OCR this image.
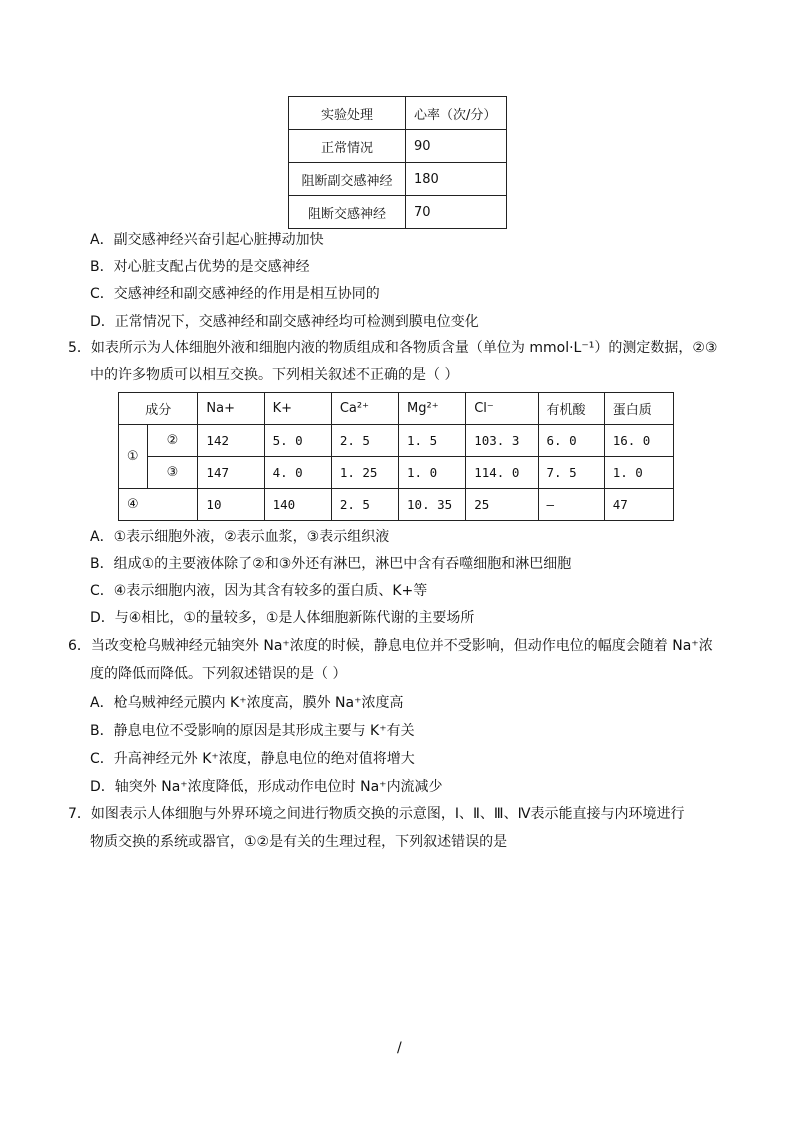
实验处理	心率（次/分）
正常情况	90
阻断副交感神经	180
阻断交感神经	70
A．副交感神经兴奋引起心脏搏动加快
B．对心脏支配占优势的是交感神经
C．交感神经和副交感神经的作用是相互协同的
D．正常情况下，交感神经和副交感神经均可检测到膜电位变化
5．如表所示为人体细胞外液和细胞内液的物质组成和各物质含量（单位为 mmol·L⁻¹）的测定数据，②③
中的许多物质可以相互交换。下列相关叙述不正确的是（ ）
成分		Na+	K+	Ca²⁺	Mg²⁺	Cl⁻	有机酸	蛋白质
①	②	142	5. 0	2. 5	1. 5	103. 3	6. 0	16. 0
	③	147	4. 0	1. 25	1. 0	114. 0	7. 5	1. 0
④		10	140	2. 5	10. 35	25	—	47
A．①表示细胞外液，②表示血浆，③表示组织液
B．组成①的主要液体除了②和③外还有淋巴，淋巴中含有吞噬细胞和淋巴细胞
C．④表示细胞内液，因为其含有较多的蛋白质、K+等
D．与④相比，①的量较多，①是人体细胞新陈代谢的主要场所
6．当改变枪乌贼神经元轴突外 Na⁺浓度的时候，静息电位并不受影响，但动作电位的幅度会随着 Na⁺浓
度的降低而降低。下列叙述错误的是（ ）
A．枪乌贼神经元膜内 K⁺浓度高，膜外 Na⁺浓度高
B．静息电位不受影响的原因是其形成主要与 K⁺有关
C．升高神经元外 K⁺浓度，静息电位的绝对值将增大
D．轴突外 Na⁺浓度降低，形成动作电位时 Na⁺内流减少
7．如图表示人体细胞与外界环境之间进行物质交换的示意图，Ⅰ、Ⅱ、Ⅲ、Ⅳ表示能直接与内环境进行
物质交换的系统或器官，①②是有关的生理过程，下列叙述错误的是
/
